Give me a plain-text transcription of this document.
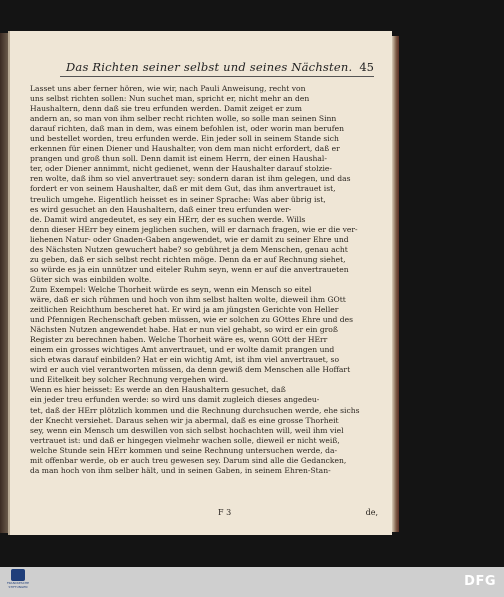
Das Richten seiner selbst und seines Nächsten. 45
Lasset uns aber ferner hören, wie wir, nach Pauli Anweisung, recht von
uns selbst richten sollen: Nun suchet man, spricht er, nicht mehr an den
Haushaltern, denn daß sie treu erfunden werden. Damit zeiget er zum
andern an, so man von ihm selber recht richten wolle, so solle man seinen Sinn
darauf richten, daß man in dem, was einem befohlen ist, oder worin man berufen
und bestellet worden, treu erfunden werde. Ein jeder soll in seinem Stande sich
erkennen für einen Diener und Haushalter, von dem man nicht erfordert, daß er
prangen und groß thun soll. Denn damit ist einem Herrn, der einen Haushal-
ter, oder Diener annimmt, nicht gedienet, wenn der Haushalter darauf stolzie-
ren wolte, daß ihm so viel anvertrauet sey: sondern daran ist ihm gelegen, und das
fordert er von seinem Haushalter, daß er mit dem Gut, das ihm anvertrauet ist,
treulich umgehe. Eigentlich heisset es in seiner Sprache: Was aber übrig ist,
es wird gesuchet an den Haushaltern, daß einer treu erfunden wer-
de. Damit wird angedeutet, es sey ein HErr, der es suchen werde. Wills
denn dieser HErr bey einem jeglichen suchen, will er darnach fragen, wie er die ver-
liehenen Natur- oder Gnaden-Gaben angewendet, wie er damit zu seiner Ehre und
des Nächsten Nutzen gewuchert habe? so gebühret ja dem Menschen, genau acht
zu geben, daß er sich selbst recht richten möge. Denn da er auf Rechnung siehet,
so würde es ja ein unnützer und eiteler Ruhm seyn, wenn er auf die anvertraueten
Güter sich was einbilden wolte.
Zum Exempel: Welche Thorheit würde es seyn, wenn ein Mensch so eitel
wäre, daß er sich rühmen und hoch von ihm selbst halten wolte, dieweil ihm GOtt
zeitlichen Reichthum bescheret hat. Er wird ja am jüngsten Gerichte von Heller
und Pfennigen Rechenschaft geben müssen, wie er solchen zu GOttes Ehre und des
Nächsten Nutzen angewendet habe. Hat er nun viel gehabt, so wird er ein groß
Register zu berechnen haben. Welche Thorheit wäre es, wenn GOtt der HErr
einem ein grosses wichtiges Amt anvertrauet, und er wolte damit prangen und
sich etwas darauf einbilden? Hat er ein wichtig Amt, ist ihm viel anvertrauet, so
wird er auch viel verantworten müssen, da denn gewiß dem Menschen alle Hoffart
und Eitelkeit bey solcher Rechnung vergehen wird.
Wenn es hier heisset: Es werde an den Haushaltern gesuchet, daß
ein jeder treu erfunden werde: so wird uns damit zugleich dieses angedeu-
tet, daß der HErr plötzlich kommen und die Rechnung durchsuchen werde, ehe sichs
der Knecht versiehet. Daraus sehen wir ja abermal, daß es eine grosse Thorheit
sey, wenn ein Mensch um deswillen von sich selbst hochachten will, weil ihm viel
vertrauet ist: und daß er hingegen vielmehr wachen solle, dieweil er nicht weiß,
welche Stunde sein HErr kommen und seine Rechnung untersuchen werde, da-
mit offenbar werde, ob er auch treu gewesen sey. Darum sind alle die Gedancken,
da man hoch von ihm selber hält, und in seinen Gaben, in seinem Ehren-Stan-
F 3	de,
FRANCKESCHE STIFTUNGEN	DFG
